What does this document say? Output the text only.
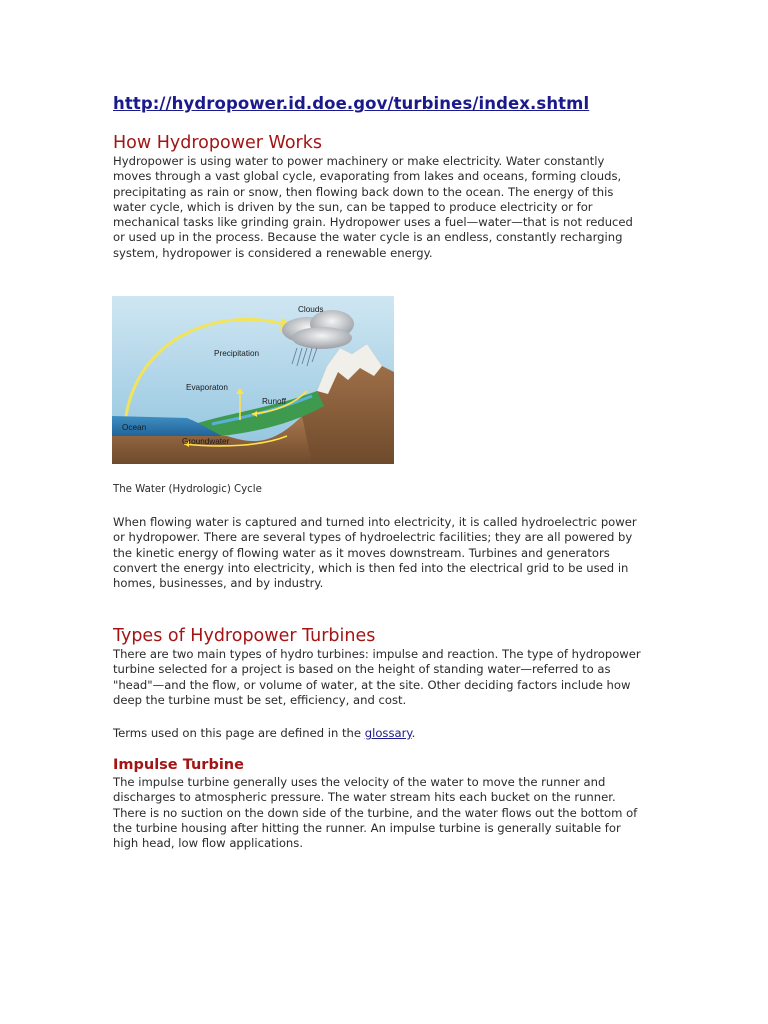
http://hydropower.id.doe.gov/turbines/index.shtml
How Hydropower Works

Hydropower is using water to power machinery or make electricity. Water constantly moves through a vast global cycle, evaporating from lakes and oceans, forming clouds, precipitating as rain or snow, then flowing back down to the ocean. The energy of this water cycle, which is driven by the sun, can be tapped to produce electricity or for mechanical tasks like grinding grain. Hydropower uses a fuel—water—that is not reduced or used up in the process. Because the water cycle is an endless, constantly recharging system, hydropower is considered a renewable energy.

Clouds
Precipitation
Evaporaton
Runoff
Ocean
Groundwater
The Water (Hydrologic) Cycle

When flowing water is captured and turned into electricity, it is called hydroelectric power or hydropower. There are several types of hydroelectric facilities; they are all powered by the kinetic energy of flowing water as it moves downstream. Turbines and generators convert the energy into electricity, which is then fed into the electrical grid to be used in homes, businesses, and by industry.

Types of Hydropower Turbines

There are two main types of hydro turbines: impulse and reaction. The type of hydropower turbine selected for a project is based on the height of standing water—referred to as "head"—and the flow, or volume of water, at the site. Other deciding factors include how deep the turbine must be set, efficiency, and cost.

Terms used on this page are defined in the glossary.

Impulse Turbine

The impulse turbine generally uses the velocity of the water to move the runner and discharges to atmospheric pressure. The water stream hits each bucket on the runner. There is no suction on the down side of the turbine, and the water flows out the bottom of the turbine housing after hitting the runner. An impulse turbine is generally suitable for high head, low flow applications.
